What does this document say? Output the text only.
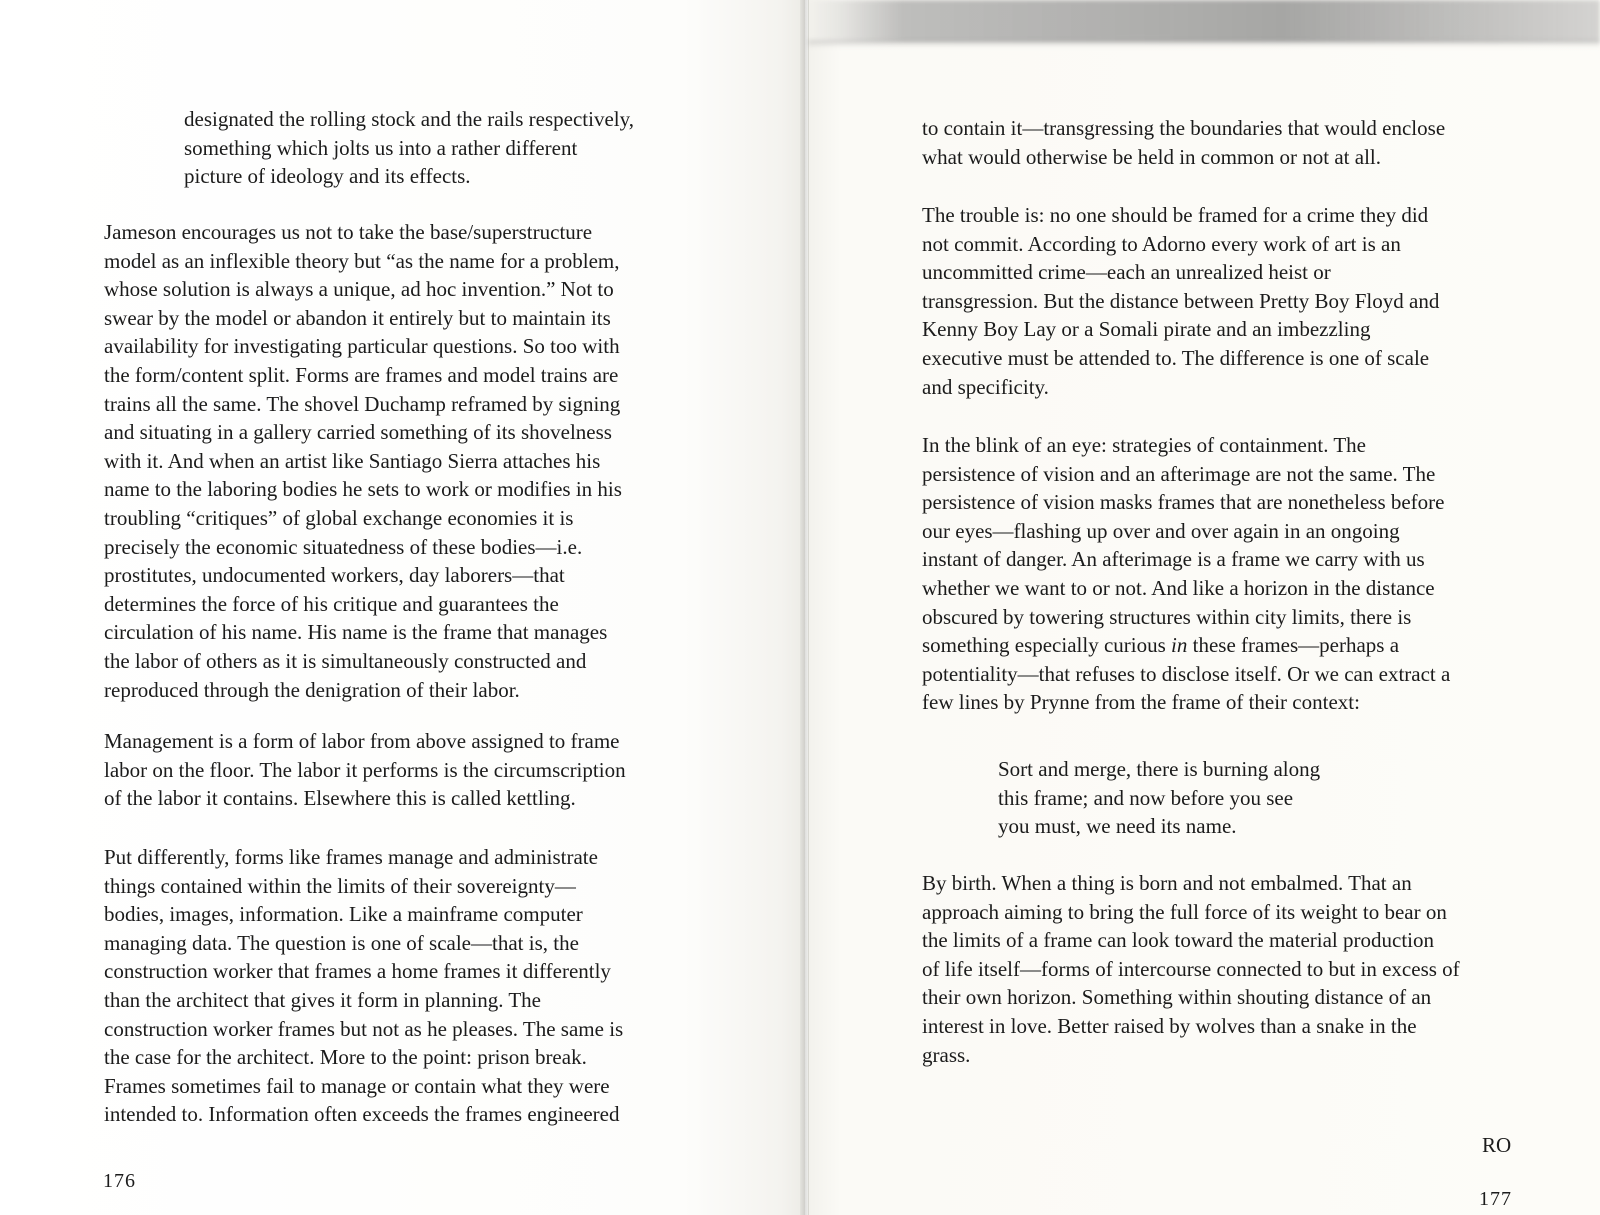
designated the rolling stock and the rails respectively,
something which jolts us into a rather different
picture of ideology and its effects.
Jameson encourages us not to take the base/superstructure
model as an inflexible theory but “as the name for a problem,
whose solution is always a unique, ad hoc invention.” Not to
swear by the model or abandon it entirely but to maintain its
availability for investigating particular questions. So too with
the form/content split. Forms are frames and model trains are
trains all the same. The shovel Duchamp reframed by signing
and situating in a gallery carried something of its shovelness
with it. And when an artist like Santiago Sierra attaches his
name to the laboring bodies he sets to work or modifies in his
troubling “critiques” of global exchange economies it is
precisely the economic situatedness of these bodies—i.e.
prostitutes, undocumented workers, day laborers—that
determines the force of his critique and guarantees the
circulation of his name. His name is the frame that manages
the labor of others as it is simultaneously constructed and
reproduced through the denigration of their labor.
Management is a form of labor from above assigned to frame
labor on the floor. The labor it performs is the circumscription
of the labor it contains. Elsewhere this is called kettling.
Put differently, forms like frames manage and administrate
things contained within the limits of their sovereignty—
bodies, images, information. Like a mainframe computer
managing data. The question is one of scale—that is, the
construction worker that frames a home frames it differently
than the architect that gives it form in planning. The
construction worker frames but not as he pleases. The same is
the case for the architect. More to the point: prison break.
Frames sometimes fail to manage or contain what they were
intended to. Information often exceeds the frames engineered
176
to contain it—transgressing the boundaries that would enclose
what would otherwise be held in common or not at all.
The trouble is: no one should be framed for a crime they did
not commit. According to Adorno every work of art is an
uncommitted crime—each an unrealized heist or
transgression. But the distance between Pretty Boy Floyd and
Kenny Boy Lay or a Somali pirate and an imbezzling
executive must be attended to. The difference is one of scale
and specificity.
In the blink of an eye: strategies of containment. The
persistence of vision and an afterimage are not the same. The
persistence of vision masks frames that are nonetheless before
our eyes—flashing up over and over again in an ongoing
instant of danger. An afterimage is a frame we carry with us
whether we want to or not. And like a horizon in the distance
obscured by towering structures within city limits, there is
something especially curious in these frames—perhaps a
potentiality—that refuses to disclose itself. Or we can extract a
few lines by Prynne from the frame of their context:
Sort and merge, there is burning along
this frame; and now before you see
you must, we need its name.
By birth. When a thing is born and not embalmed. That an
approach aiming to bring the full force of its weight to bear on
the limits of a frame can look toward the material production
of life itself—forms of intercourse connected to but in excess of
their own horizon. Something within shouting distance of an
interest in love. Better raised by wolves than a snake in the
grass.
RO
177
